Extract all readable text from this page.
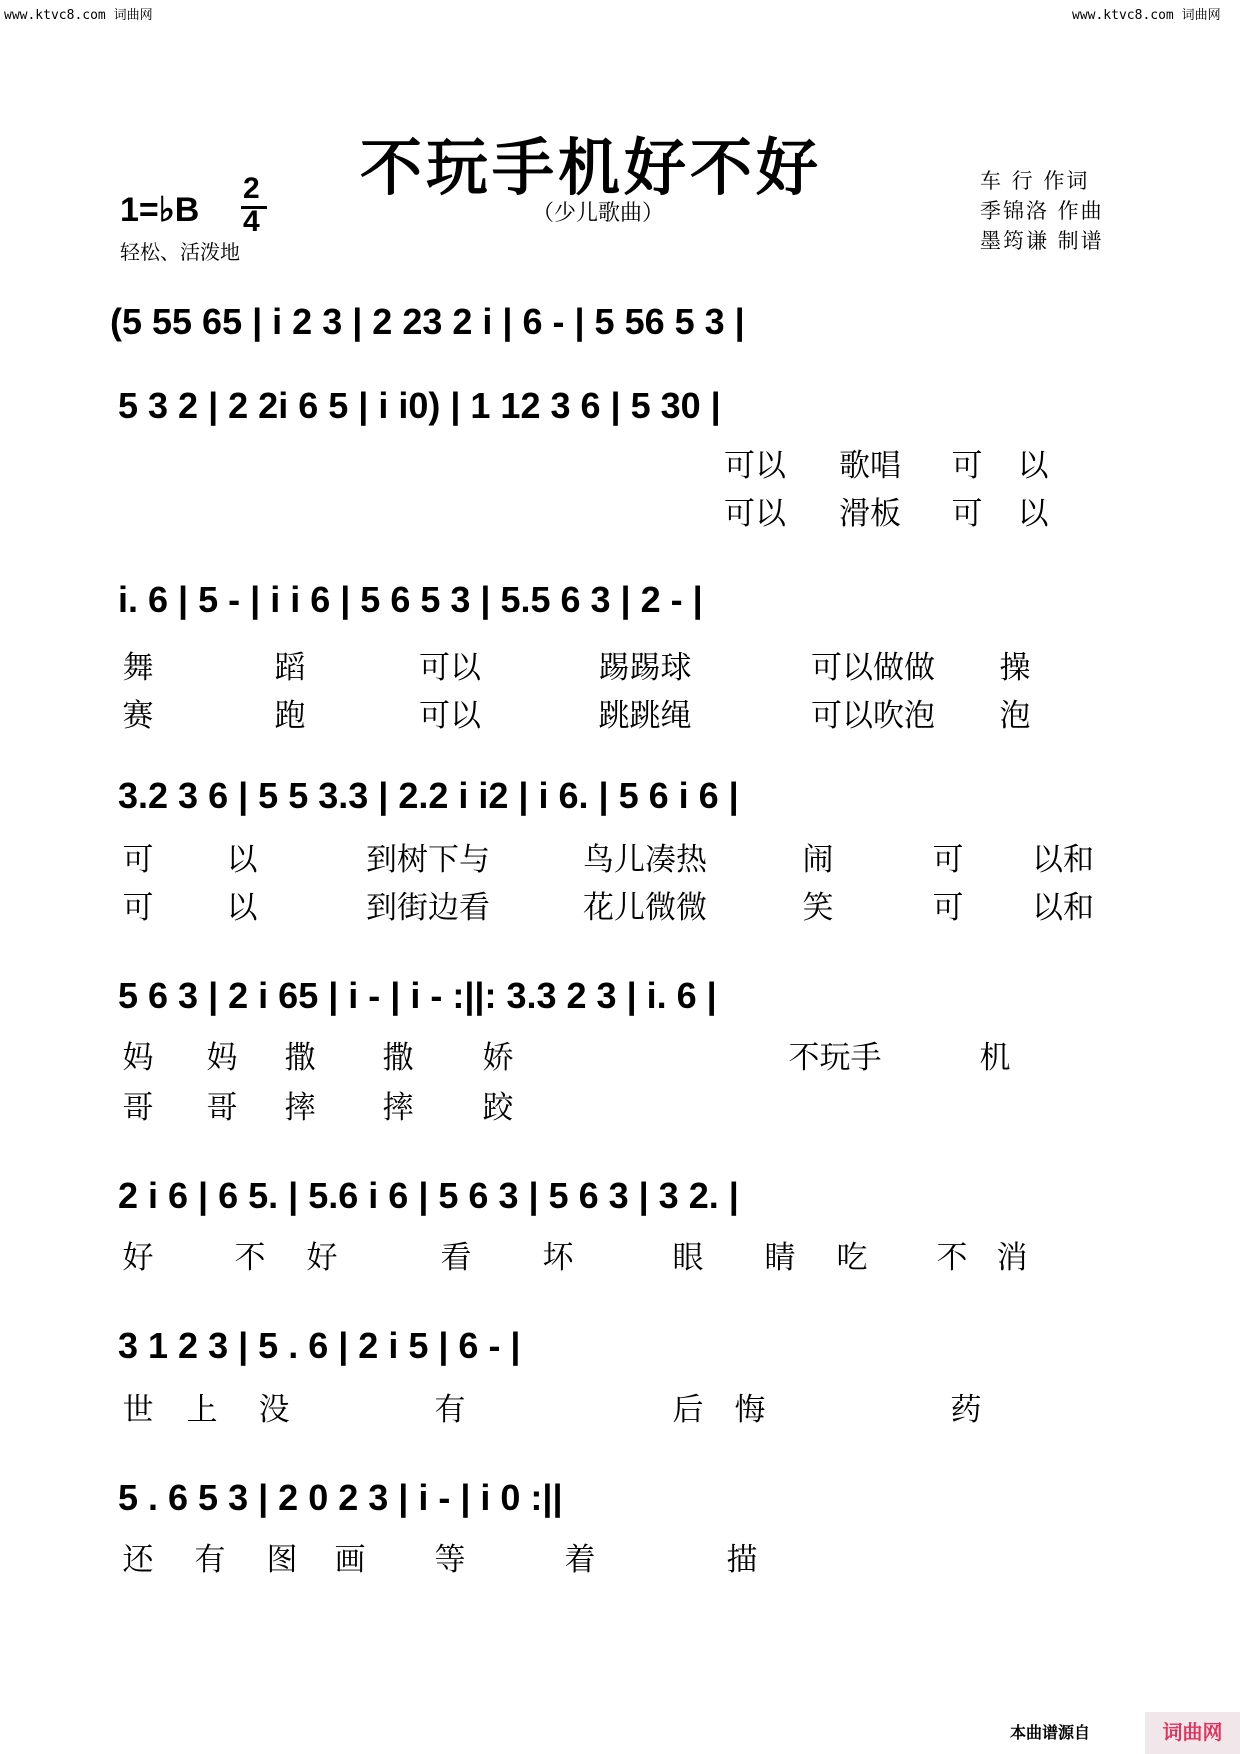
www.ktvc8.com 词曲网	www.ktvc8.com 词曲网
不玩手机好不好
（少儿歌曲）
1=♭B
2
4
轻松、活泼地
车 行 作词
季锦洛 作曲
墨筠谦 制谱
(5 55 65 | i 2 3 | 2 23 2 i | 6 - | 5 56 5 3 |
5 3 2 | 2 2i 6 5 | i i0) | 1 12 3 6 | 5 30 |
可以 歌唱 可 以
可以 滑板 可 以
i. 6 | 5 - | i i 6 | 5 6 5 3 | 5.5 6 3 | 2 - |
舞	蹈	可以	踢踢球	可以做做	操
赛	跑	可以	跳跳绳	可以吹泡	泡
3.2 3 6 | 5 5 3.3 | 2.2 i i2 | i 6. | 5 6 i 6 |
可 以	到树下与	鸟儿凑热	闹	可 以和
可 以	到街边看	花儿微微	笑	可 以和
5 6 3 | 2 i 65 | i - | i - :||: 3.3 2 3 | i. 6 |
妈 妈 撒 撒 娇	不玩手	机
哥 哥 摔 摔 跤
2 i 6 | 6 5. | 5.6 i 6 | 5 6 3 | 5 6 3 | 3 2. |
好	不 好	看 坏	眼 睛 吃 不 消
3 1 2 3 | 5 . 6 | 2 i 5 | 6 - |
世 上 没	有	后 悔	药
5 . 6 5 3 | 2 0 2 3 | i - | i 0 :||
还 有 图 画 等	着	描
本曲谱源自	词曲网
